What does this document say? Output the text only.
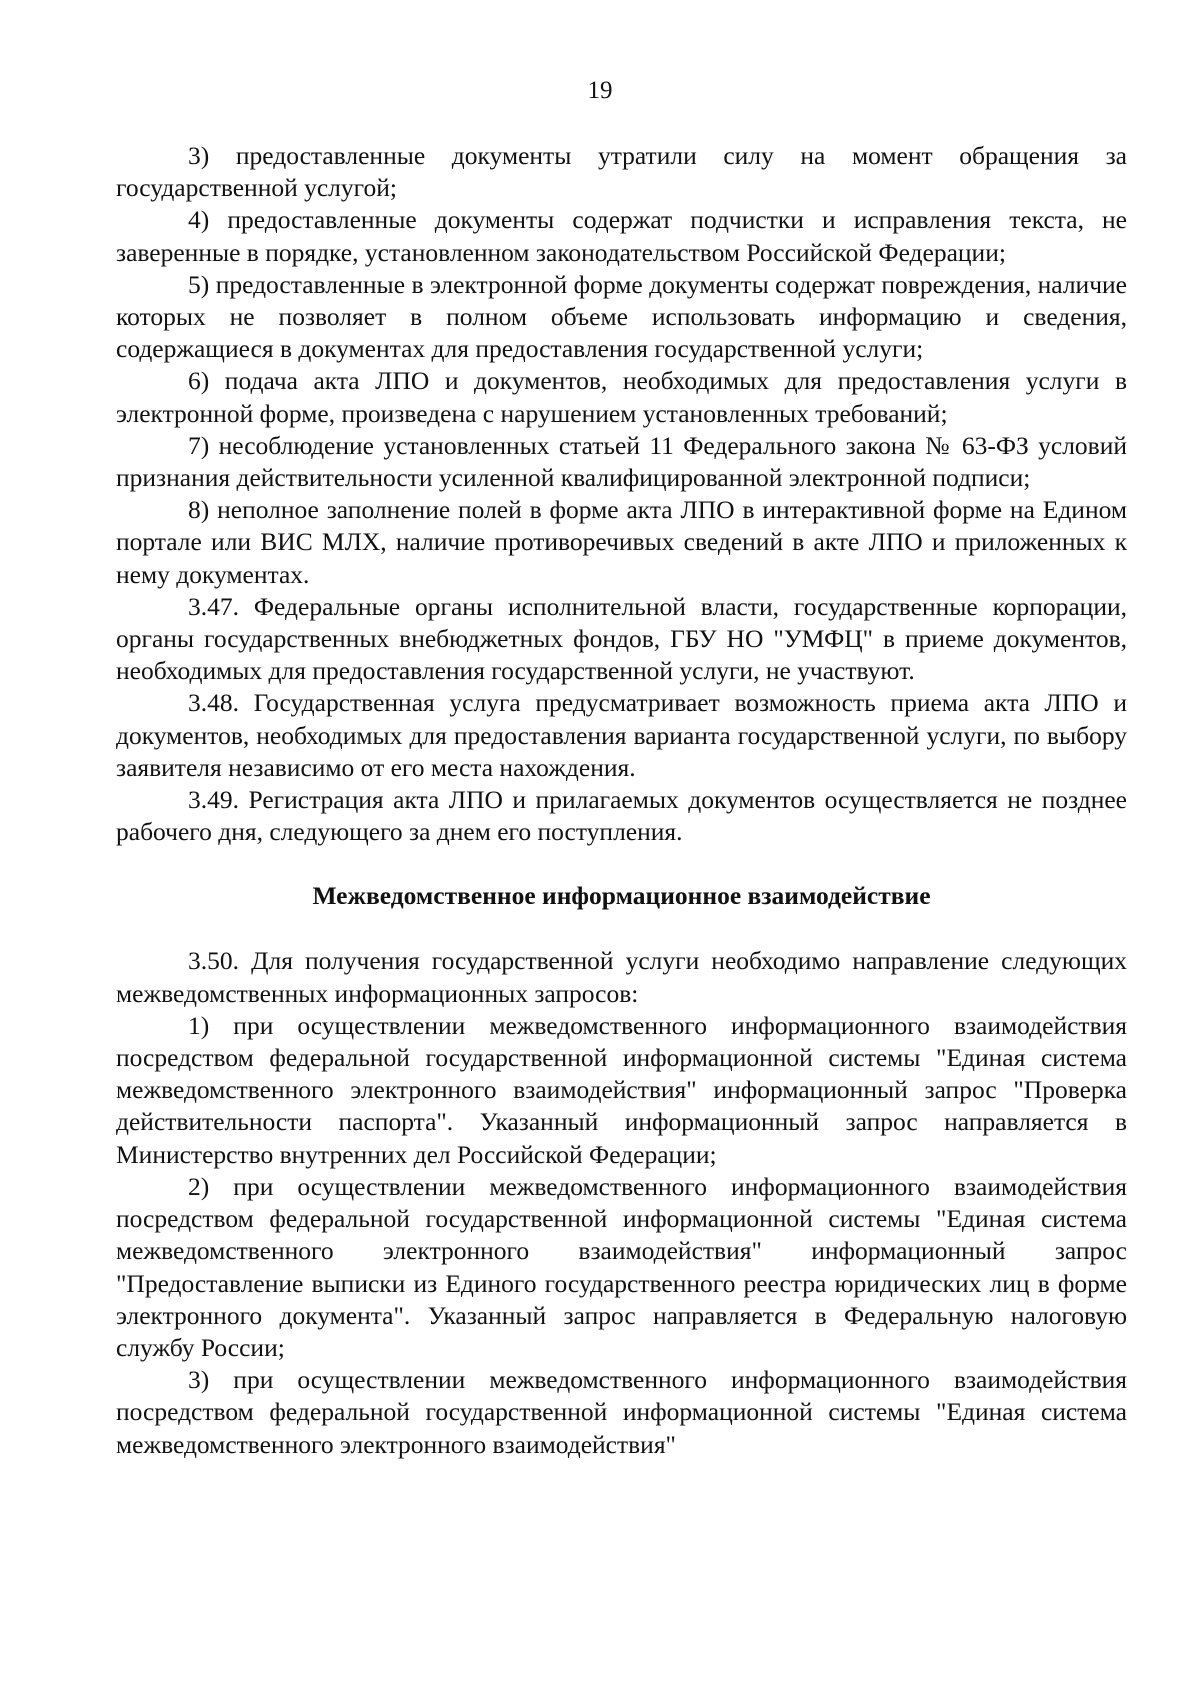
19

3) предоставленные документы утратили силу на момент обращения за государственной услугой;

4) предоставленные документы содержат подчистки и исправления текста, не заверенные в порядке, установленном законодательством Российской Федерации;

5) предоставленные в электронной форме документы содержат повреждения, наличие которых не позволяет в полном объеме использовать информацию и сведения, содержащиеся в документах для предоставления государственной услуги;

6) подача акта ЛПО и документов, необходимых для предоставления услуги в электронной форме, произведена с нарушением установленных требований;

7) несоблюдение установленных статьей 11 Федерального закона № 63-ФЗ условий признания действительности усиленной квалифицированной электронной подписи;

8) неполное заполнение полей в форме акта ЛПО в интерактивной форме на Едином портале или ВИС МЛХ, наличие противоречивых сведений в акте ЛПО и приложенных к нему документах.

3.47. Федеральные органы исполнительной власти, государственные корпорации, органы государственных внебюджетных фондов, ГБУ НО "УМФЦ" в приеме документов, необходимых для предоставления государственной услуги, не участвуют.

3.48. Государственная услуга предусматривает возможность приема акта ЛПО и документов, необходимых для предоставления варианта государственной услуги, по выбору заявителя независимо от его места нахождения.

3.49. Регистрация акта ЛПО и прилагаемых документов осуществляется не позднее рабочего дня, следующего за днем его поступления.

Межведомственное информационное взаимодействие

3.50. Для получения государственной услуги необходимо направление следующих межведомственных информационных запросов:

1) при осуществлении межведомственного информационного взаимодействия посредством федеральной государственной информационной системы "Единая система межведомственного электронного взаимодействия" информационный запрос "Проверка действительности паспорта". Указанный информационный запрос направляется в Министерство внутренних дел Российской Федерации;

2) при осуществлении межведомственного информационного взаимодействия посредством федеральной государственной информационной системы "Единая система межведомственного электронного взаимодействия" информационный запрос "Предоставление выписки из Единого государственного реестра юридических лиц в форме электронного документа". Указанный запрос направляется в Федеральную налоговую службу России;

3) при осуществлении межведомственного информационного взаимодействия посредством федеральной государственной информационной системы "Единая система межведомственного электронного взаимодействия"
